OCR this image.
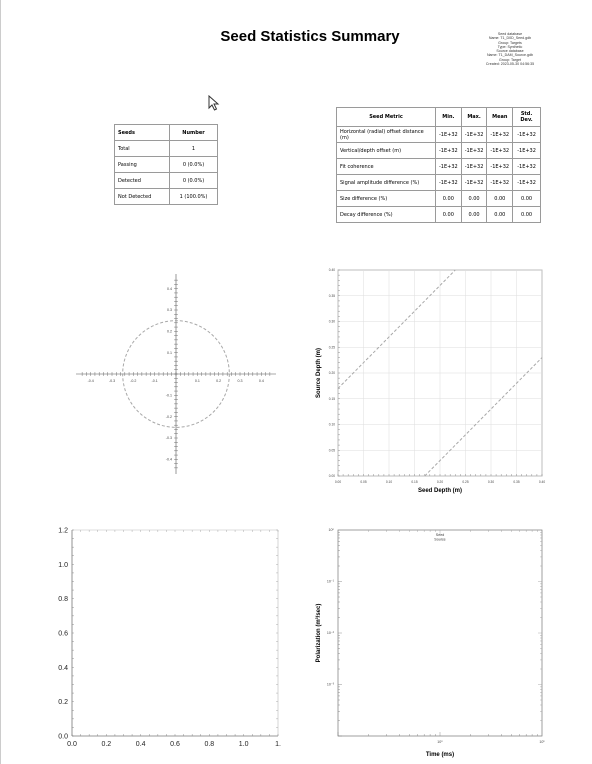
Seed Statistics Summary	Seed database
Name: T1_D0D_Seed.gdb
Group: Targets
Type: Synthetic
Source database
Name: T1_DAM_Source.gdb
Group: Target
Created: 2023-05-30 04:56:35
Seeds	Number
Total	1
Passing	0 (0.0%)
Detected	0 (0.0%)
Not Detected	1 (100.0%)
Seed Metric	Min.	Max.	Mean	Std. Dev.
Horizontal (radial) offset distance (m)	-1E+32	-1E+32	-1E+32	-1E+32
Vertical/depth offset (m)	-1E+32	-1E+32	-1E+32	-1E+32
Fit coherence	-1E+32	-1E+32	-1E+32	-1E+32
Signal amplitude difference (%)	-1E+32	-1E+32	-1E+32	-1E+32
Size difference (%)	0.00	0.00	0.00	0.00
Decay difference (%)	0.00	0.00	0.00	0.00
-0.4
-0.4
-0.3
-0.3
-0.2
-0.2
-0.1
-0.1
0.1
0.1
0.2
0.2
0.3
0.3
0.4
0.4
0.00
0.00
0.05
0.05
0.10
0.10
0.15
0.15
0.20
0.20
0.25
0.25
0.30
0.30
0.35
0.35
0.40
0.40
Seed Depth (m)
Source Depth (m)
0.0	0.2	0.4	0.6	0.8	1.0	1.
0.0
0.2
0.4
0.6
0.8
1.0
1.2
10⁰	10¹
10⁻³
10⁻²
10⁻¹
10⁰
Seed
Source
Time (ms)
Polarization (m³/sec)
